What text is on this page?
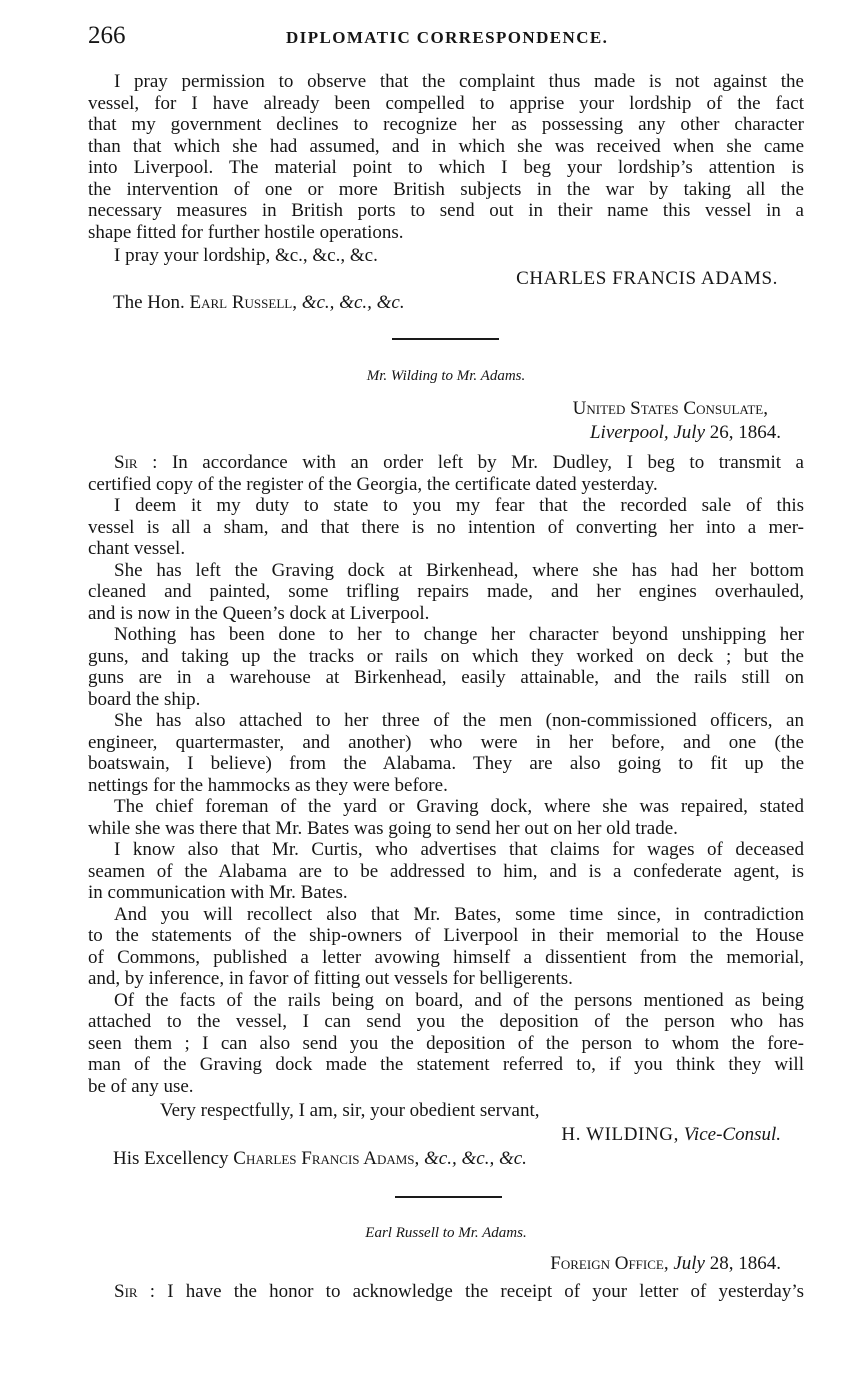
266	DIPLOMATIC CORRESPONDENCE.
I pray permission to observe that the complaint thus made is not against the
vessel, for I have already been compelled to apprise your lordship of the fact
that my government declines to recognize her as possessing any other character
than that which she had assumed, and in which she was received when she came
into Liverpool. The material point to which I beg your lordship’s attention is
the intervention of one or more British subjects in the war by taking all the
necessary measures in British ports to send out in their name this vessel in a
shape fitted for further hostile operations.
I pray your lordship, &c., &c., &c.
CHARLES FRANCIS ADAMS.
The Hon. Earl Russell, &c., &c., &c.
Mr. Wilding to Mr. Adams.
United States Consulate,
Liverpool, July 26, 1864.
Sir : In accordance with an order left by Mr. Dudley, I beg to transmit a
certified copy of the register of the Georgia, the certificate dated yesterday.
I deem it my duty to state to you my fear that the recorded sale of this
vessel is all a sham, and that there is no intention of converting her into a mer-
chant vessel.
She has left the Graving dock at Birkenhead, where she has had her bottom
cleaned and painted, some trifling repairs made, and her engines overhauled,
and is now in the Queen’s dock at Liverpool.
Nothing has been done to her to change her character beyond unshipping her
guns, and taking up the tracks or rails on which they worked on deck ; but the
guns are in a warehouse at Birkenhead, easily attainable, and the rails still on
board the ship.
She has also attached to her three of the men (non-commissioned officers, an
engineer, quartermaster, and another) who were in her before, and one (the
boatswain, I believe) from the Alabama. They are also going to fit up the
nettings for the hammocks as they were before.
The chief foreman of the yard or Graving dock, where she was repaired, stated
while she was there that Mr. Bates was going to send her out on her old trade.
I know also that Mr. Curtis, who advertises that claims for wages of deceased
seamen of the Alabama are to be addressed to him, and is a confederate agent, is
in communication with Mr. Bates.
And you will recollect also that Mr. Bates, some time since, in contradiction
to the statements of the ship-owners of Liverpool in their memorial to the House
of Commons, published a letter avowing himself a dissentient from the memorial,
and, by inference, in favor of fitting out vessels for belligerents.
Of the facts of the rails being on board, and of the persons mentioned as being
attached to the vessel, I can send you the deposition of the person who has
seen them ; I can also send you the deposition of the person to whom the fore-
man of the Graving dock made the statement referred to, if you think they will
be of any use.
Very respectfully, I am, sir, your obedient servant,
H. WILDING, Vice-Consul.
His Excellency Charles Francis Adams, &c., &c., &c.
Earl Russell to Mr. Adams.
Foreign Office, July 28, 1864.
Sir : I have the honor to acknowledge the receipt of your letter of yesterday’s
